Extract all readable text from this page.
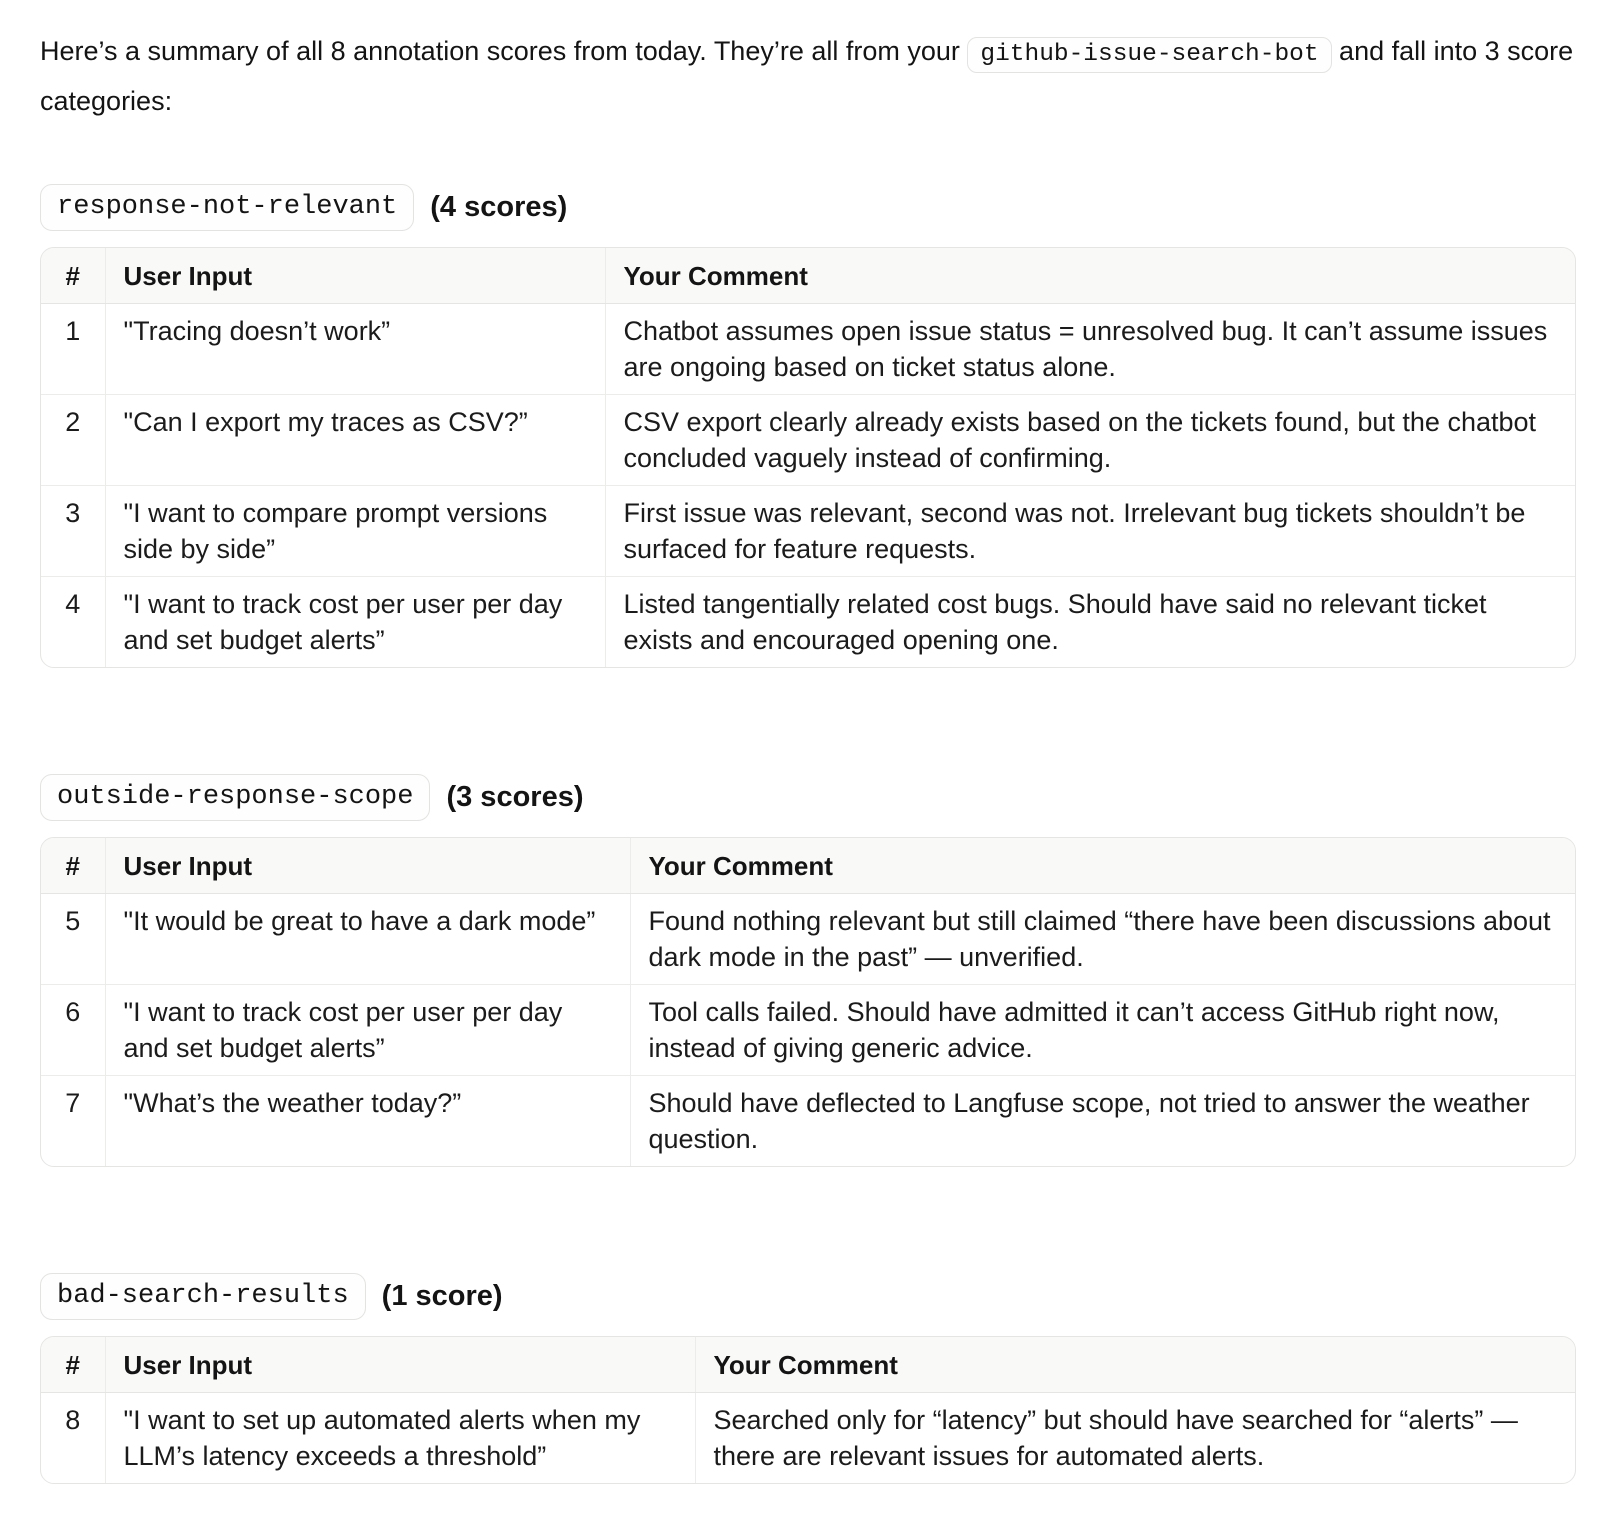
Here’s a summary of all 8 annotation scores from today. They’re all from your github-issue-search-bot and fall into 3 score categories:

response-not-relevant	(4 scores)
#	User Input	Your Comment
1	"Tracing doesn’t work”	Chatbot assumes open issue status = unresolved bug. It can’t assume issues are ongoing based on ticket status alone.
2	"Can I export my traces as CSV?”	CSV export clearly already exists based on the tickets found, but the chatbot concluded vaguely instead of confirming.
3	"I want to compare prompt versions side by side”	First issue was relevant, second was not. Irrelevant bug tickets shouldn’t be surfaced for feature requests.
4	"I want to track cost per user per day and set budget alerts”	Listed tangentially related cost bugs. Should have said no relevant ticket exists and encouraged opening one.
outside-response-scope	(3 scores)
#	User Input	Your Comment
5	"It would be great to have a dark mode”	Found nothing relevant but still claimed “there have been discussions about dark mode in the past” — unverified.
6	"I want to track cost per user per day and set budget alerts”	Tool calls failed. Should have admitted it can’t access GitHub right now, instead of giving generic advice.
7	"What’s the weather today?”	Should have deflected to Langfuse scope, not tried to answer the weather question.
bad-search-results	(1 score)
#	User Input	Your Comment
8	"I want to set up automated alerts when my LLM’s latency exceeds a threshold”	Searched only for “latency” but should have searched for “alerts” — there are relevant issues for automated alerts.
